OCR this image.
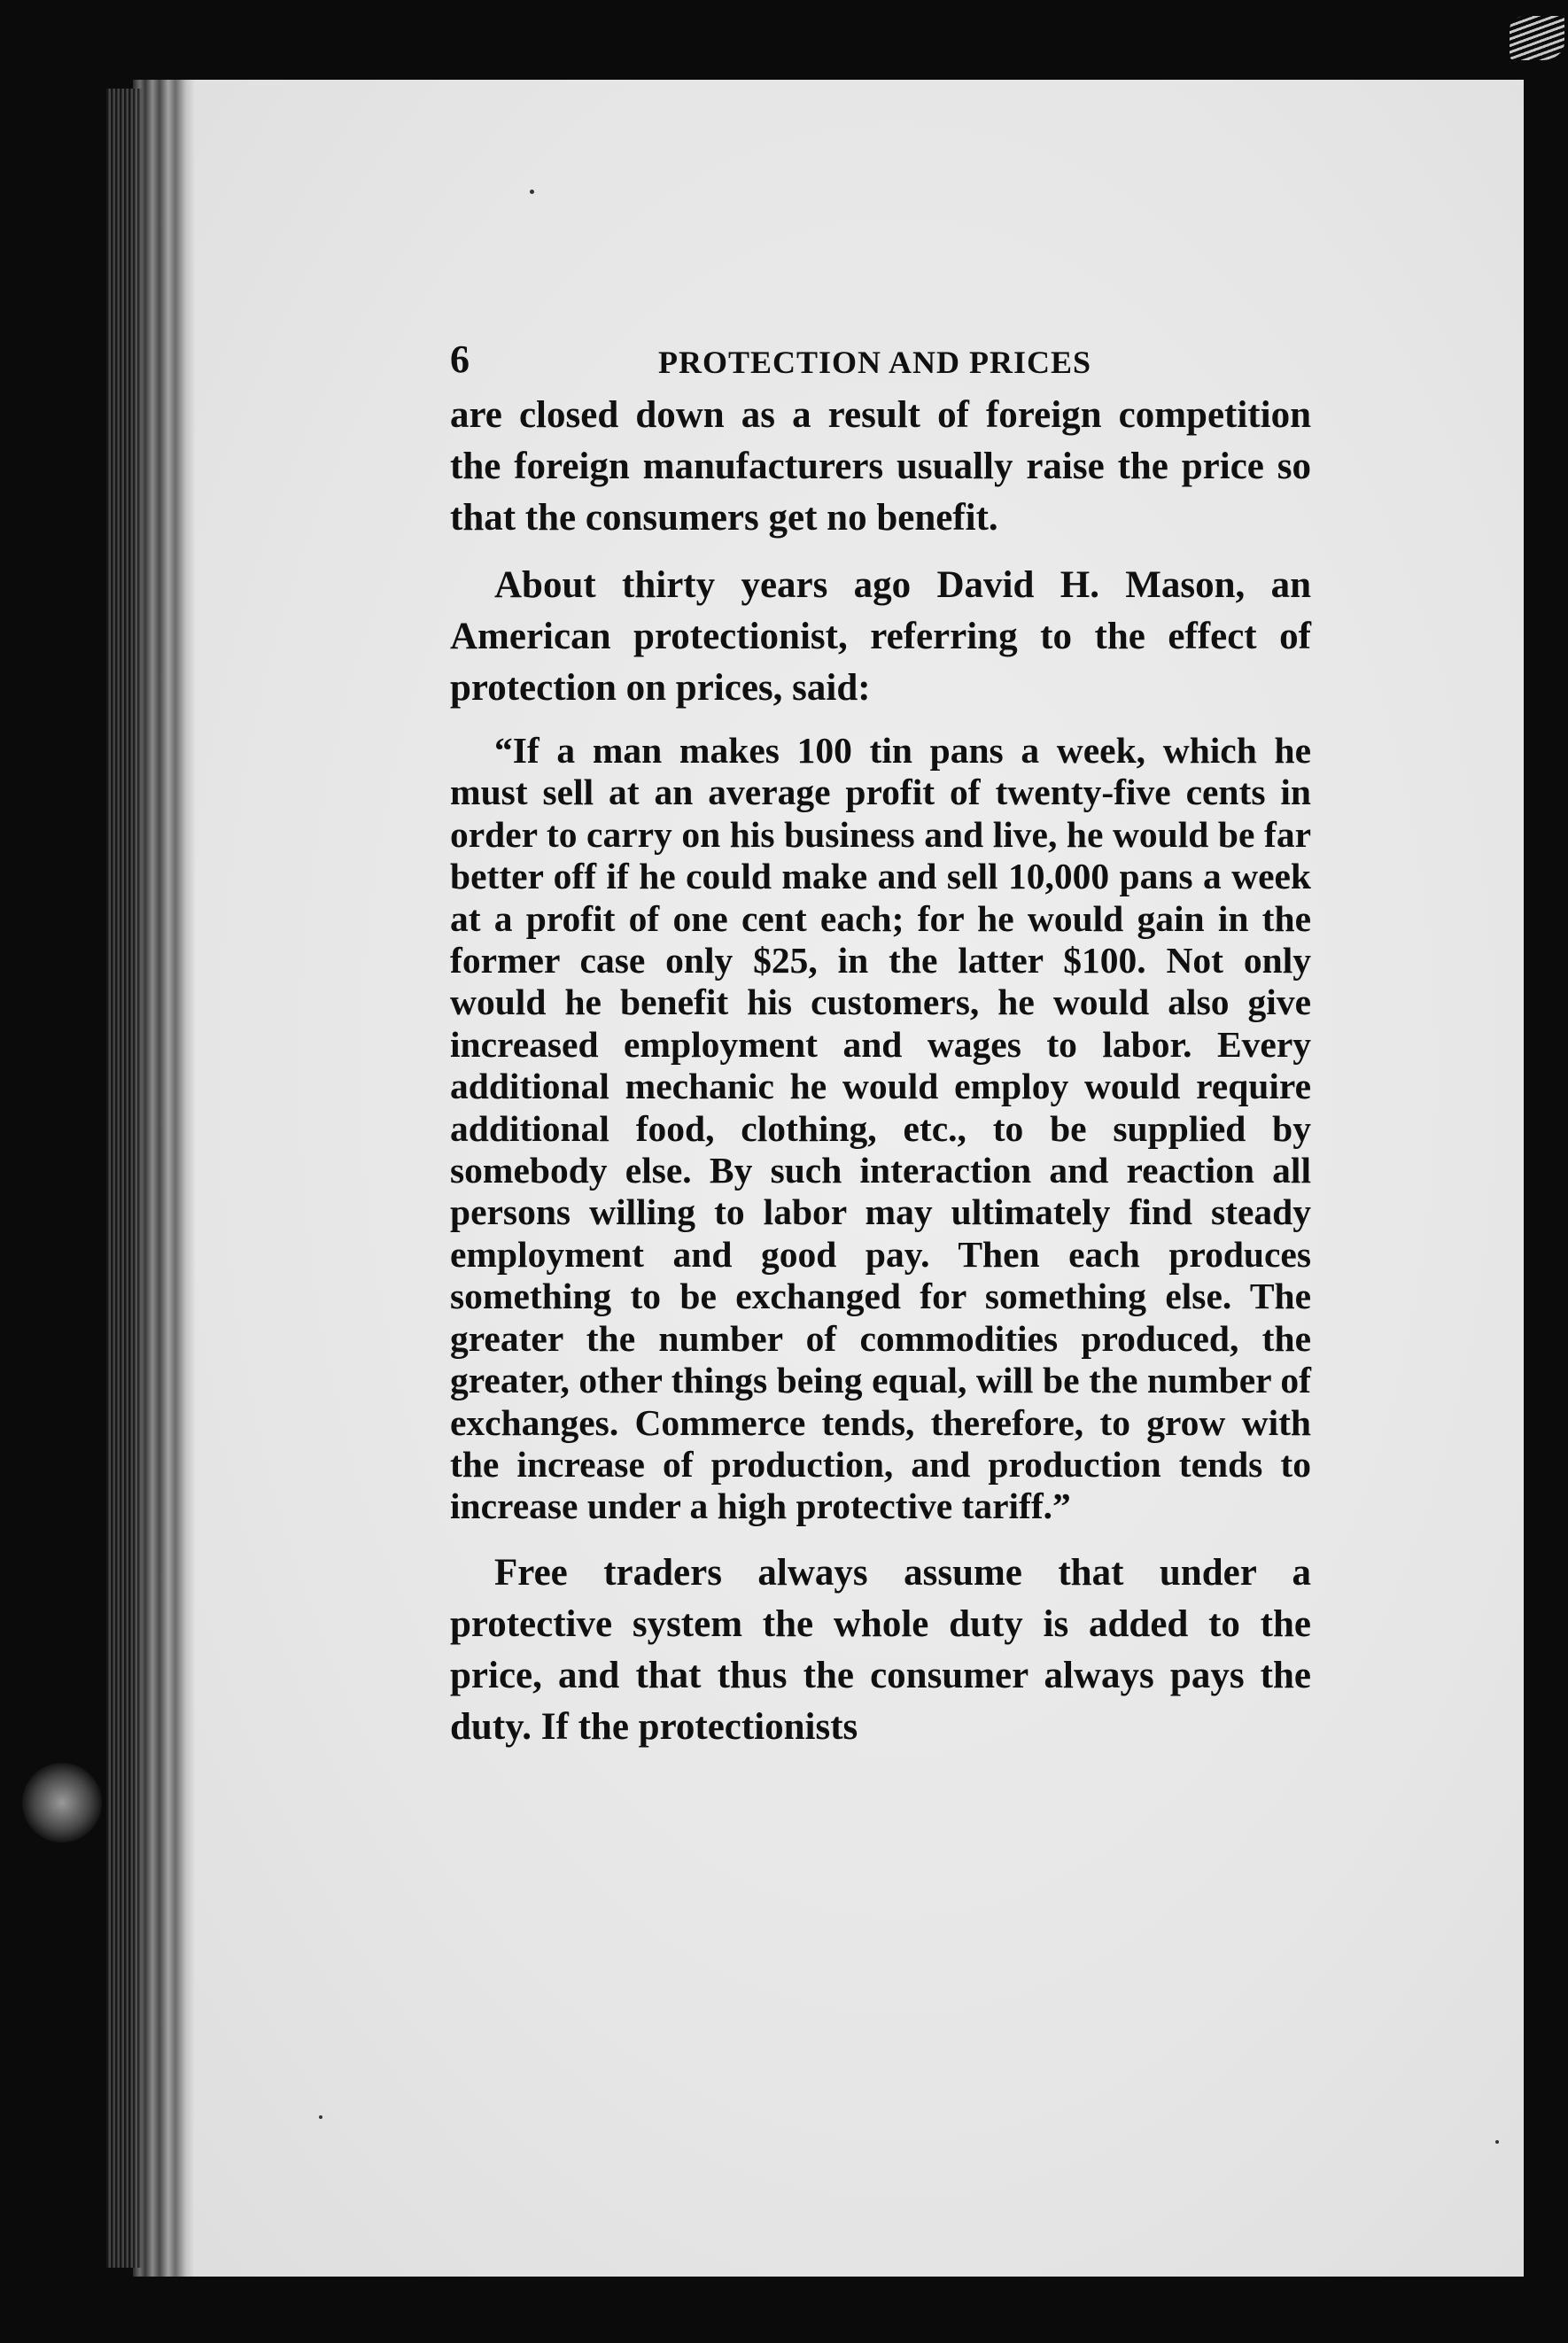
6	PROTECTION AND PRICES

are closed down as a result of foreign competition the foreign manufacturers usually raise the price so that the consumers get no benefit.

About thirty years ago David H. Mason, an American protectionist, referring to the effect of protection on prices, said:

“If a man makes 100 tin pans a week, which he must sell at an average profit of twenty-five cents in order to carry on his business and live, he would be far better off if he could make and sell 10,000 pans a week at a profit of one cent each; for he would gain in the former case only $25, in the latter $100. Not only would he benefit his customers, he would also give increased employment and wages to labor. Every additional mechanic he would employ would require additional food, clothing, etc., to be supplied by somebody else. By such interaction and reaction all persons willing to labor may ultimately find steady employment and good pay. Then each produces something to be exchanged for something else. The greater the number of commodities produced, the greater, other things being equal, will be the number of exchanges. Commerce tends, therefore, to grow with the increase of production, and production tends to increase under a high protective tariff.”

Free traders always assume that under a protective system the whole duty is added to the price, and that thus the consumer always pays the duty. If the protectionists
